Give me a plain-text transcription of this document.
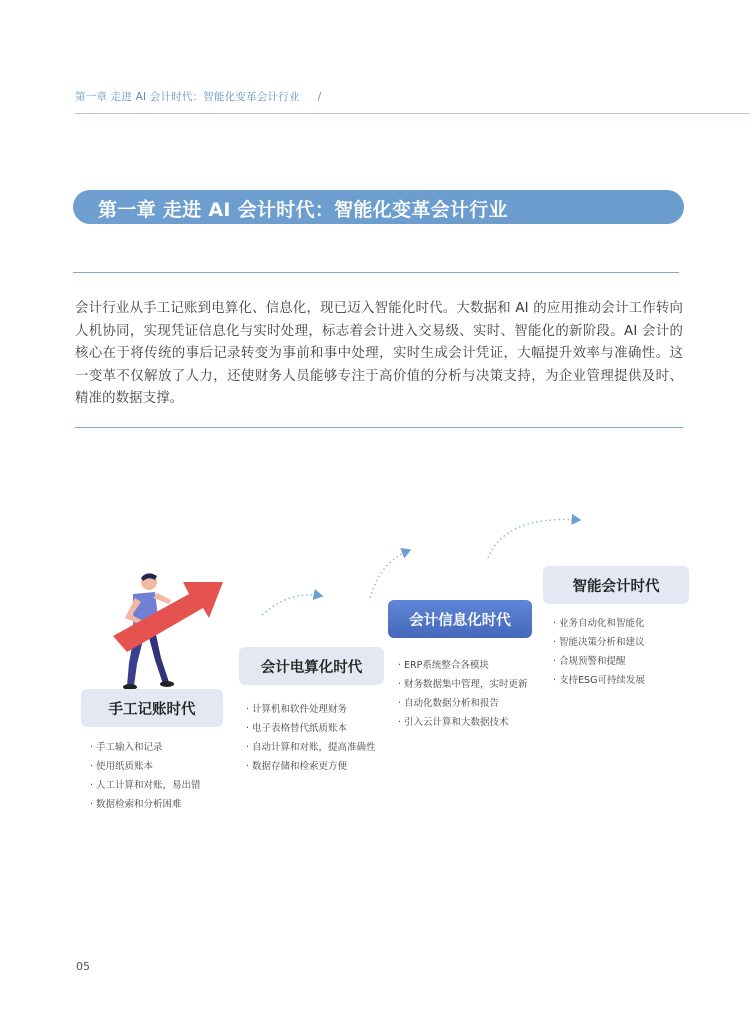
第一章 走进 AI 会计时代：智能化变革会计行业 /
第一章 走进 AI 会计时代：智能化变革会计行业
会计行业从手工记账到电算化、信息化，现已迈入智能化时代。大数据和 AI 的应用推动会计工作转向人机协同，实现凭证信息化与实时处理，标志着会计进入交易级、实时、智能化的新阶段。AI 会计的核心在于将传统的事后记录转变为事前和事中处理，实时生成会计凭证，大幅提升效率与准确性。这一变革不仅解放了人力，还使财务人员能够专注于高价值的分析与决策支持，为企业管理提供及时、精准的数据支撑。
手工记账时代
会计电算化时代
会计信息化时代
智能会计时代
· 手工输入和记录
· 使用纸质账本
· 人工计算和对账，易出错
· 数据检索和分析困难
· 计算机和软件处理财务
· 电子表格替代纸质账本
· 自动计算和对账，提高准确性
· 数据存储和检索更方便
· ERP系统整合各模块
· 财务数据集中管理，实时更新
· 自动化数据分析和报告
· 引入云计算和大数据技术
· 业务自动化和智能化
· 智能决策分析和建议
· 合规预警和提醒
· 支持ESG可持续发展
05
